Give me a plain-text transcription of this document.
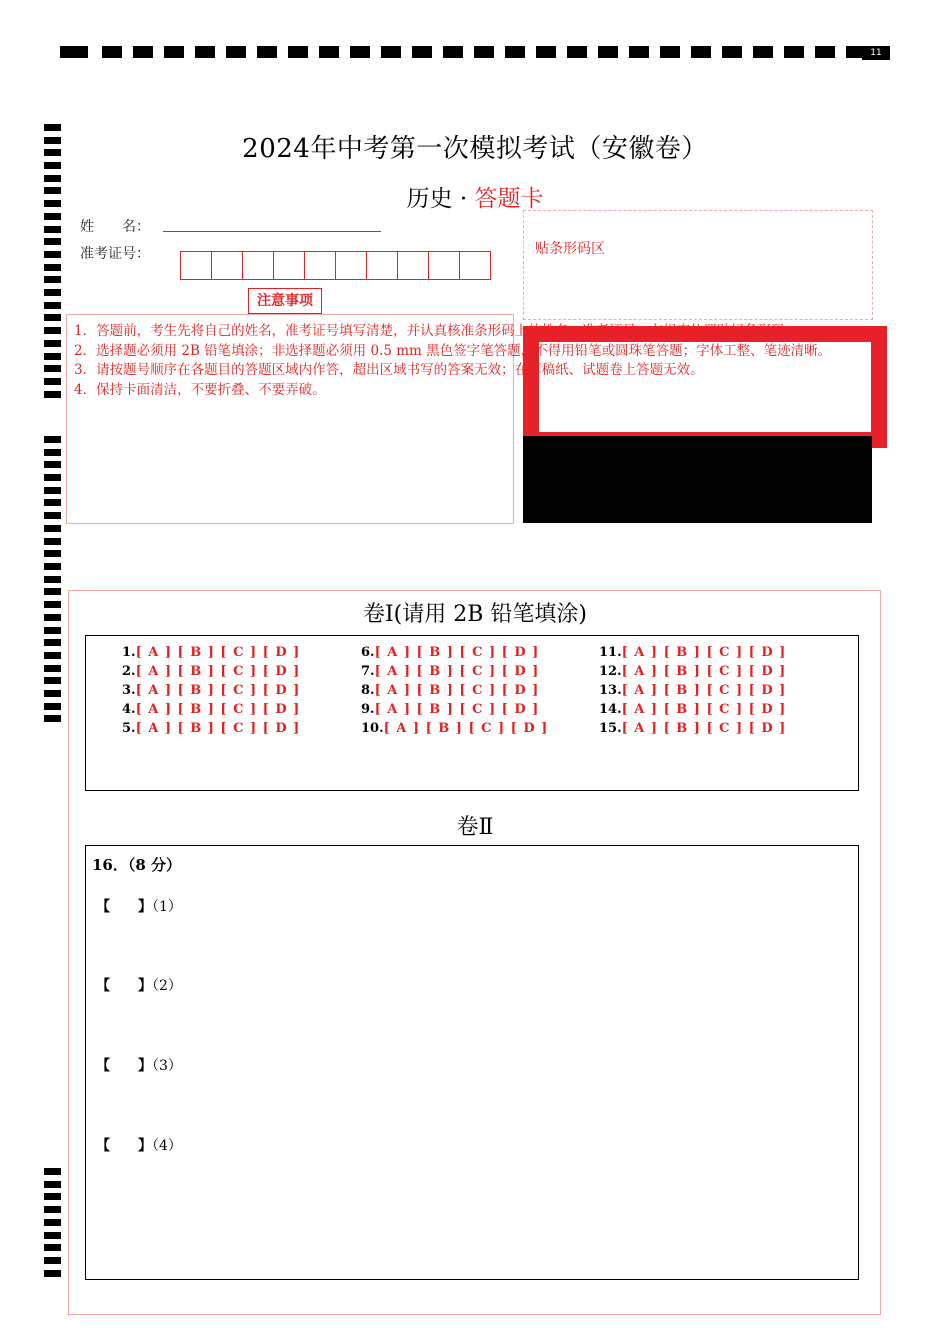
11
2024年中考第一次模拟考试（安徽卷）
历史 · 答题卡
姓　　名：
准考证号：	贴条形码区
注意事项
1．答题前，考生先将自己的姓名，准考证号填写清楚，并认真核准条形码上的姓名、准考证号，在规定位置贴好条形码。
2．选择题必须用 2B 铅笔填涂；非选择题必须用 0.5 mm 黑色签字笔答题，不得用铅笔或圆珠笔答题；字体工整、笔迹清晰。
3．请按题号顺序在各题目的答题区域内作答，超出区域书写的答案无效；在草稿纸、试题卷上答题无效。
4．保持卡面清洁，不要折叠、不要弄破。
卷Ⅰ(请用 2B 铅笔填涂)
1.[ A ] [ B ] [ C ] [ D ]
2.[ A ] [ B ] [ C ] [ D ]
3.[ A ] [ B ] [ C ] [ D ]
4.[ A ] [ B ] [ C ] [ D ]
5.[ A ] [ B ] [ C ] [ D ]
6.[ A ] [ B ] [ C ] [ D ]
7.[ A ] [ B ] [ C ] [ D ]
8.[ A ] [ B ] [ C ] [ D ]
9.[ A ] [ B ] [ C ] [ D ]
10.[ A ] [ B ] [ C ] [ D ]
11.[ A ] [ B ] [ C ] [ D ]
12.[ A ] [ B ] [ C ] [ D ]
13.[ A ] [ B ] [ C ] [ D ]
14.[ A ] [ B ] [ C ] [ D ]
15.[ A ] [ B ] [ C ] [ D ]
卷Ⅱ
16．（8 分）
【　　】（1）
【　　】（2）
【　　】（3）
【　　】（4）
